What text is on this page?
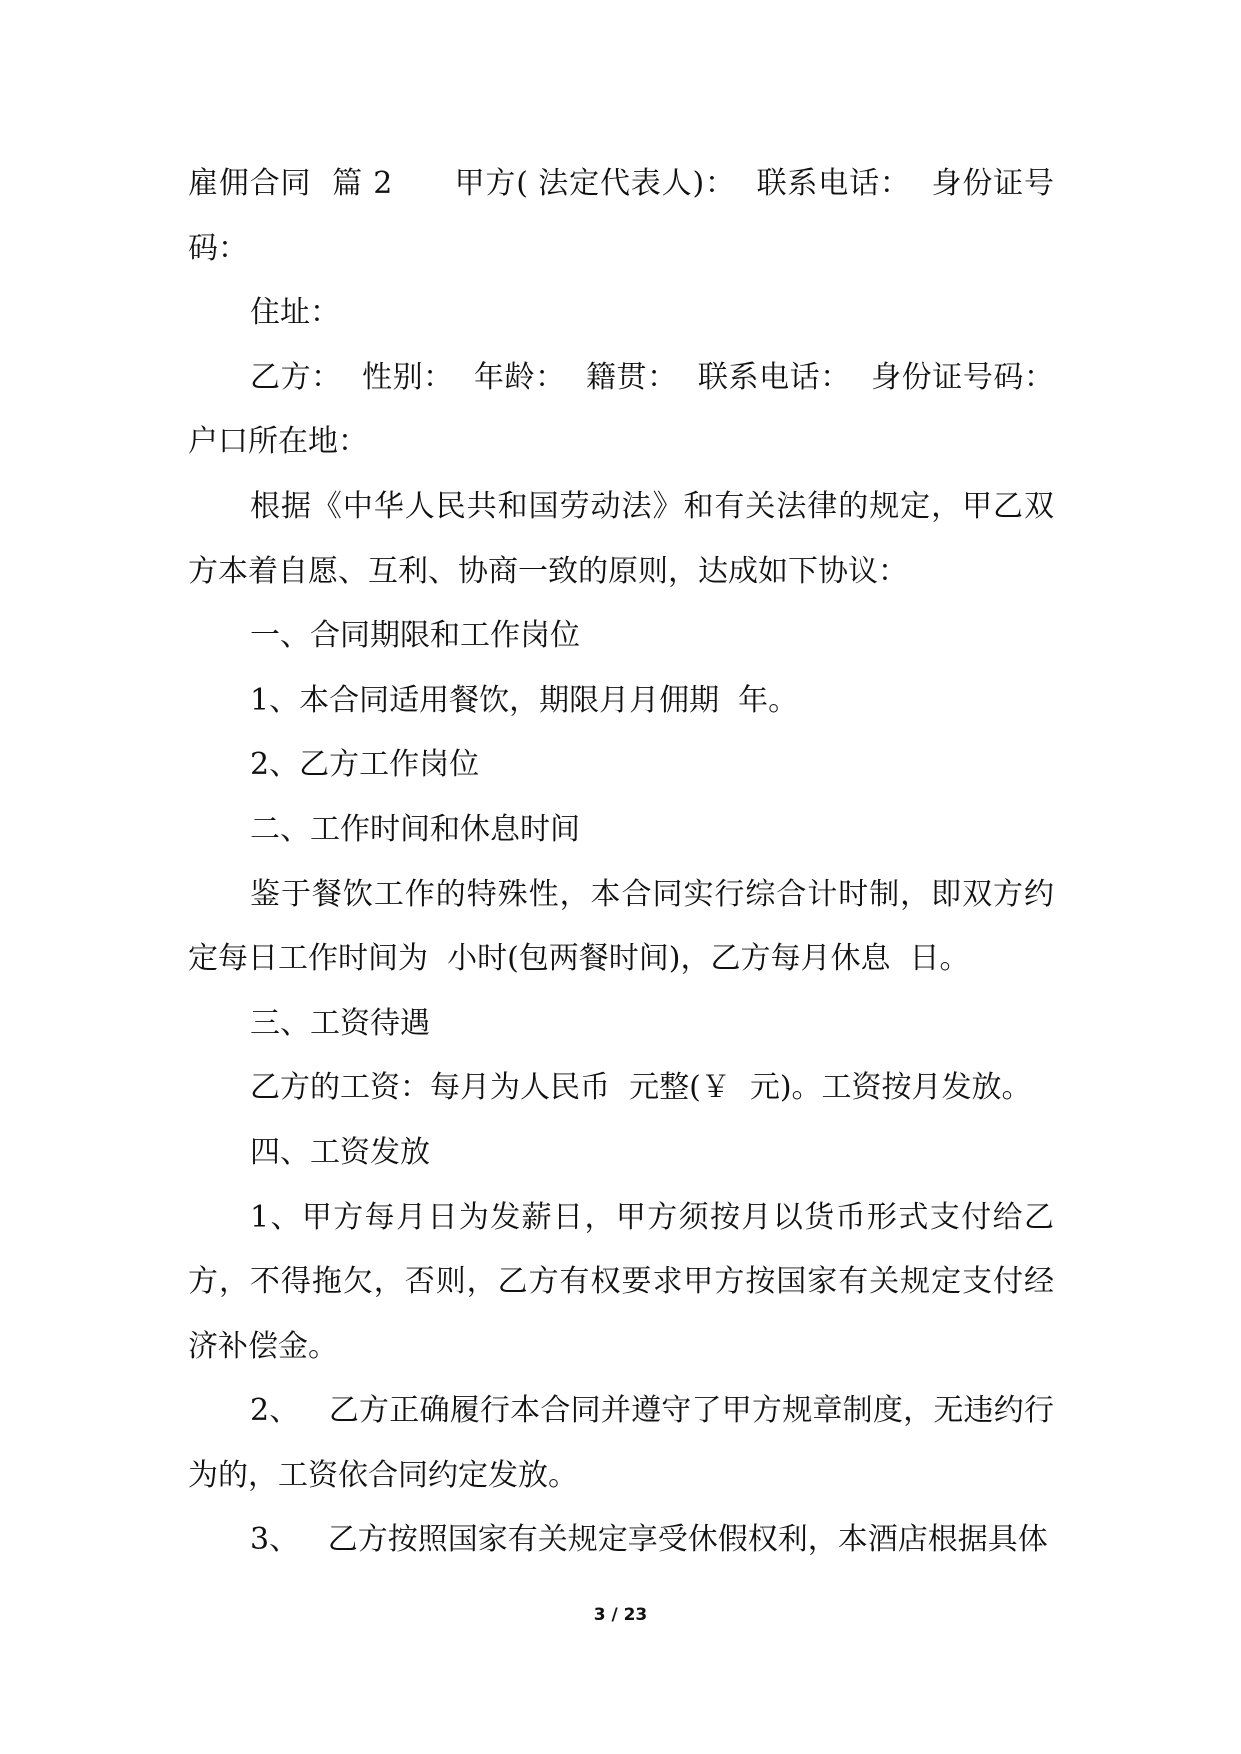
雇佣合同  篇 2      甲方( 法定代表人)：  联系电话：  身份证号码：

住址：

乙方：  性别：  年龄：  籍贯：  联系电话：  身份证号码：  户口所在地：

根据《中华人民共和国劳动法》和有关法律的规定，甲乙双方本着自愿、互利、协商一致的原则，达成如下协议：

一、合同期限和工作岗位

1、本合同适用餐饮，期限月月佣期  年。

2、乙方工作岗位

二、工作时间和休息时间

鉴于餐饮工作的特殊性，本合同实行综合计时制，即双方约定每日工作时间为  小时(包两餐时间)，乙方每月休息  日。

三、工资待遇

乙方的工资：每月为人民币  元整(￥  元)。工资按月发放。

四、工资发放

1、甲方每月日为发薪日，甲方须按月以货币形式支付给乙方，不得拖欠，否则，乙方有权要求甲方按国家有关规定支付经济补偿金。

2、   乙方正确履行本合同并遵守了甲方规章制度，无违约行为的，工资依合同约定发放。

3、   乙方按照国家有关规定享受休假权利，本酒店根据具体

3 / 23
